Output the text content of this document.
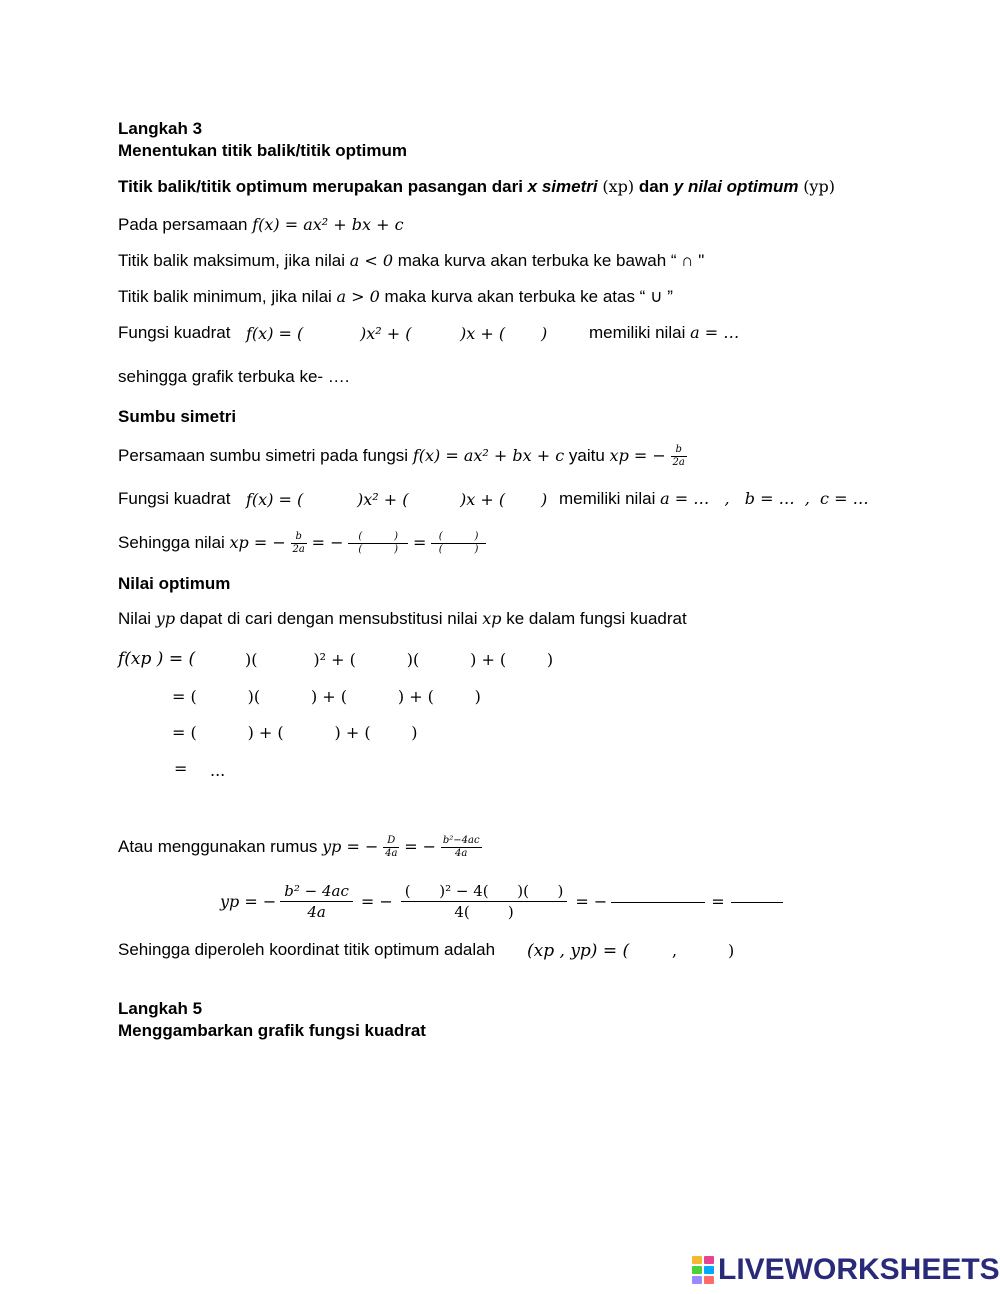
Langkah 3
Menentukan titik balik/titik optimum
Titik balik/titik optimum merupakan pasangan dari x simetri (xp) dan y nilai optimum (yp)
Pada persamaan f(x) = ax² + bx + c
Titik balik maksimum, jika nilai a < 0 maka kurva akan terbuka ke bawah “ ∩ "
Titik balik minimum, jika nilai a > 0 maka kurva akan terbuka ke atas “ ∪ ”
Fungsi kuadrat f(x) = (	)x² + (	)x + ( ) memiliki nilai a = …
sehingga grafik terbuka ke- ….
Sumbu simetri
Persamaan sumbu simetri pada fungsi f(x) = ax² + bx + c yaitu xp = − $\frac{b}{2a}$
Fungsi kuadrat f(x) = (	)x² + (	)x + ( ) memiliki nilai a = …   ,   b = …  ,  c = …
Sehingga nilai xp = − $\frac{b}{2a}$ = − $\frac{( )}{( )} = \frac{( )}{( )}$
Nilai optimum
Nilai yp dapat di cari dengan mensubstitusi nilai xp ke dalam fungsi kuadrat
f(xp ) = (	)(           )² + (          )(          ) + (        )
= (          )(          ) + (          ) + (        )
= (          ) + (          ) + (        )
= ...
Atau menggunakan rumus yp = − $\frac{D}{4a}$ = − $\frac{\text{b²−4ac}}{4a}$
yp = − $\frac{\text{b² − 4ac}}{4a}$ = − $\frac{\text{(      )² − 4(      )(      )}}{4( )}$ = −	=
Sehingga diperoleh koordinat titik optimum adalah (xp , yp) = (	,	)
Langkah 5
Menggambarkan grafik fungsi kuadrat
LIVEWORKSHEETS
